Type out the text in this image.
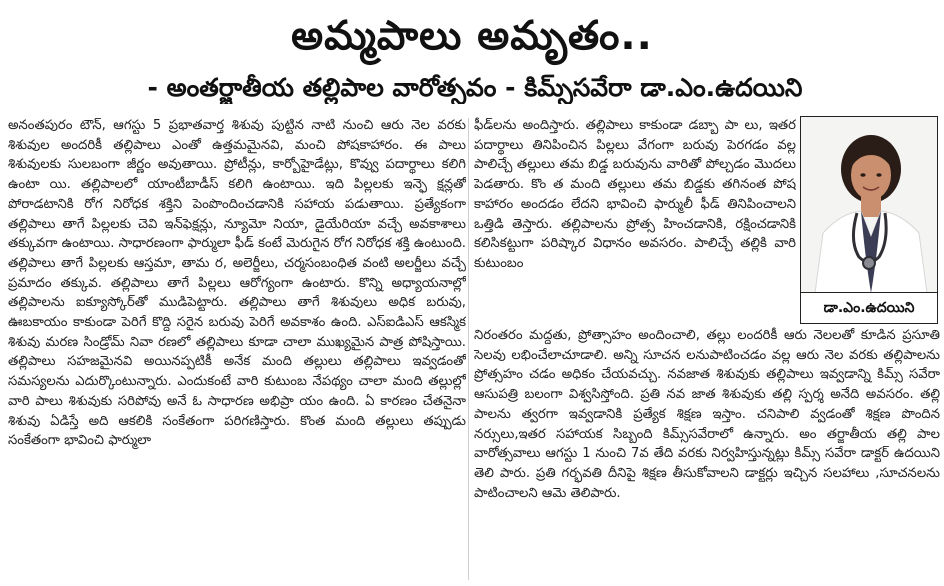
అమ్మపాలు అమృతం..
- అంతర్జాతీయ తల్లిపాల వారోత్సవం - కిమ్స్‌సవేరా డా.ఎం.ఉదయిని
అనంతపురం టౌన్, ఆగస్టు 5 ప్రభాతవార్త శిశువు పుట్టిన నాటి నుంచి ఆరు నెల వరకు శిశువుల అందరికీ తల్లిపాలు ఎంతో ఉత్తమమైనవి, మంచి పోషకాహారం. ఈ పాలు శిశువులకు సులబంగా జీర్ణం అవుతాయి. ప్రోటీన్లు, కార్బోహైడేట్లు, కొవ్వు పదార్థాలు కలిగి ఉంటా యి. తల్లిపాలలో యాంటీబాడీస్ కలిగి ఉంటాయి. ఇది పిల్లలకు ఇన్ఫె క్షన్లతో పోరాడటానికి రోగ నిరోధక శక్తిని పెంపొందించడానికి సహాయ పడుతాయి. ప్రత్యేకంగా తల్లిపాలు తాగే పిల్లలకు చెవి ఇన్‌ఫెక్షన్లు, న్యూమో నియా, డైయేరియా వచ్చే అవకాశాలు తక్కువగా ఉంటాయి. సాధారణంగా ఫార్ములా ఫీడ్ కంటే మెరుగైన రోగ నిరోధక శక్తి ఉంటుంది. తల్లిపాలు తాగే పిల్లలకు ఆస్తమా, తామ ర, అలెర్జీలు, చర్మసంబంధిత వంటి అలర్జీలు వచ్చే ప్రమాదం తక్కువ. తల్లిపాలు తాగే పిల్లలు ఆరోగ్యంగా ఉంటారు. కొన్ని అధ్యాయనాల్లో తల్లిపాలను ఐక్యూస్కోర్‌తో ముడిపెట్టారు. తల్లిపాలు తాగే శిశువులు అధిక బరువు, ఊబకాయం కాకుండా పెరిగే కొద్ది సరైన బరువు పెరిగే అవకాశం ఉంది. ఎస్ఐడిఎస్ ఆకస్మిక శిశువు మరణ సిండ్రోమ్ నివా రణలో తల్లిపాలు కూడా చాలా ముఖ్యమైన పాత్ర పోషిస్తాయి. తల్లిపాలు సహజమైనవి అయినప్పటికీ అనేక మంది తల్లులు తల్లిపాలు ఇవ్వడంతో సమస్యలను ఎదుర్కొంటున్నారు. ఎందుకంటే వారి కుటుంబ నేపథ్యం చాలా మంది తల్లుల్లో వారి పాలు శిశువుకు సరిపోవు అనే ఓ సాధారణ అభిప్రా యం ఉంది. ఏ కారణం చేతనైనా శిశువు ఏడిస్తే అది ఆకలికి సంకేతంగా పరిగణిస్తారు. కొంత మంది తల్లులు తప్పుడు సంకేతంగా భావించి ఫార్ములా
ఫీడ్‌లను అందిస్తారు. తల్లిపాలు కాకుండా డబ్బా పా లు, ఇతర పదార్థాలు తినిపించిన పిల్లలు వేగంగా బరువు పెరగడం వల్ల పాలిచ్చే తల్లులు తమ బిడ్డ బరువును వారితో పోల్చడం మొదలు పెడతారు. కొం త మంది తల్లులు తమ బిడ్డకు తగినంత పోష కాహారం అందడం లేదని భావించి ఫార్ములీ ఫీడ్ తినిపించాలని ఒత్తిడి తెస్తారు. తల్లిపాలను ప్రోత్స హించడానికి, రక్షించడానికి కలిసికట్టుగా పరిష్కార విధానం అవసరం. పాలిచ్చే తల్లికి వారి కుటుంబం
డా.ఎం.ఉదయిని
నిరంతరం మద్దతు, ప్రోత్సాహం అందించాలి, తల్లు లందరికీ ఆరు నెలలతో కూడిన ప్రసూతి సెలవు లభించేలాచూడాలి. అన్ని సూచన లనుపాటించడం వల్ల ఆరు నెల వరకు తల్లిపాలను ప్రోత్సహం చడం అధికం చేయవచ్చు. నవజాత శిశువుకు తల్లిపాలు ఇవ్వడాన్ని కిమ్స్ సవేరా ఆసుపత్రి బలంగా విశ్వసిస్తోంది. ప్రతి నవ జాత శిశువుకు తల్లి స్పర్శ అనేది అవసరం. తల్లి పాలను త్వరగా ఇవ్వడానికి ప్రత్యేక శిక్షణ ఇస్తాం. చనిపాలి వ్వడంతో శిక్షణ పొందిన నర్సులు,ఇతర సహాయక సిబ్బంది కిమ్స్‌సవేరాలో ఉన్నారు. అం తర్జాతీయ తల్లి పాల వారోత్సవాలు ఆగస్టు 1 నుంచి 7వ తేది వరకు నిర్వహిస్తున్నట్లు కిమ్స్ సవేరా డాక్టర్ ఉదయిని తెలి పారు. ప్రతి గర్భవతి దీనిపై శిక్షణ తీసుకోవాలని డాక్టర్లు ఇచ్చిన సలహాలు ,సూచనలను పాటించాలని ఆమె తెలిపారు.
